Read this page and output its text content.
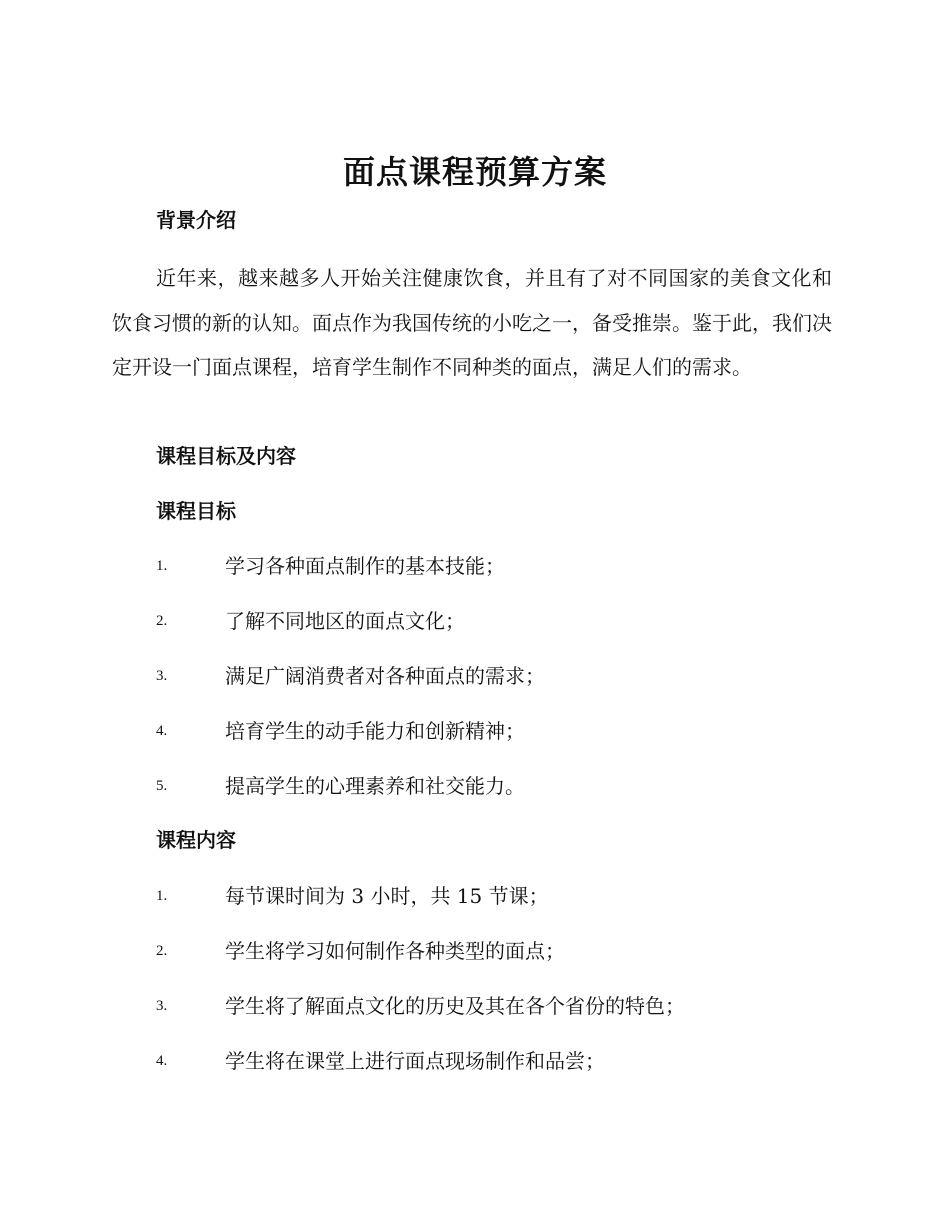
面点课程预算方案
背景介绍
近年来，越来越多人开始关注健康饮食，并且有了对不同国家的美食文化和饮食习惯的新的认知。面点作为我国传统的小吃之一，备受推崇。鉴于此，我们决定开设一门面点课程，培育学生制作不同种类的面点，满足人们的需求。
课程目标及内容
课程目标
1.	学习各种面点制作的基本技能；
2.	了解不同地区的面点文化；
3.	满足广阔消费者对各种面点的需求；
4.	培育学生的动手能力和创新精神；
5.	提高学生的心理素养和社交能力。
课程内容
1.	每节课时间为 3 小时，共 15 节课；
2.	学生将学习如何制作各种类型的面点；
3.	学生将了解面点文化的历史及其在各个省份的特色；
4.	学生将在课堂上进行面点现场制作和品尝；
